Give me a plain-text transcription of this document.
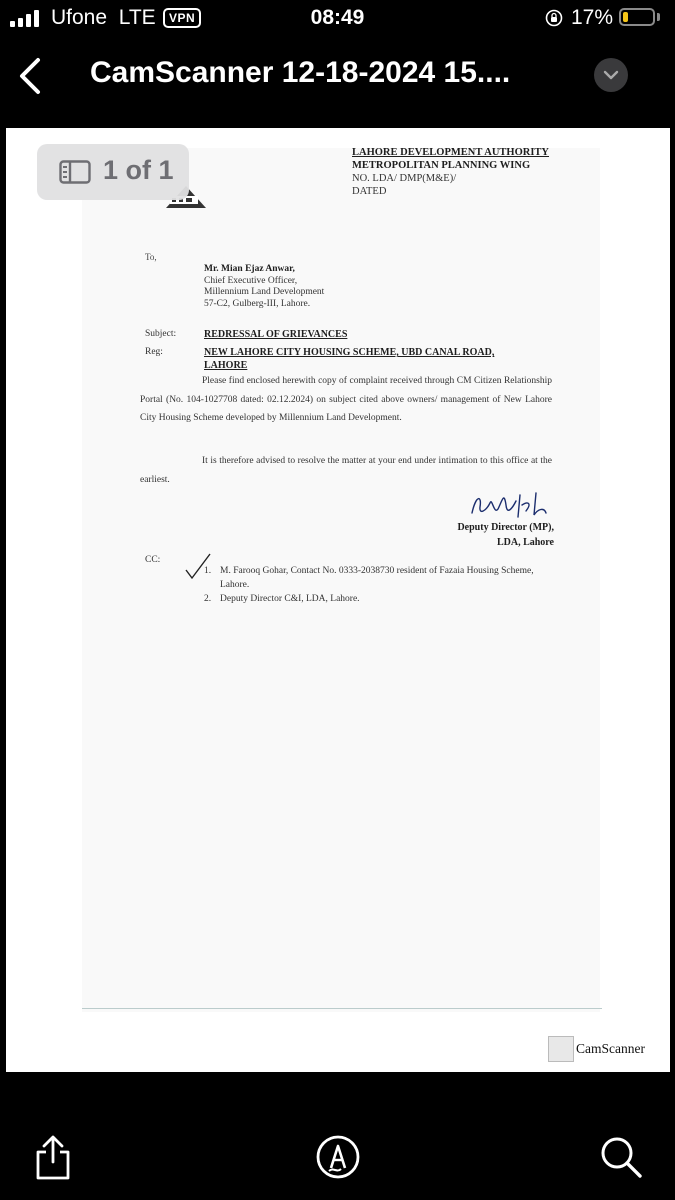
Ufone LTE	VPN	08:49	17%
CamScanner 12-18-2024 15....
LAHORE DEVELOPMENT AUTHORITY
METROPOLITAN PLANNING WING
NO. LDA/ DMP(M&E)/
DATED
To,
Mr. Mian Ejaz Anwar,
Chief Executive Officer,
Millennium Land Development
57-C2, Gulberg-III, Lahore.
Subject:	REDRESSAL OF GRIEVANCES
Reg:	NEW LAHORE CITY HOUSING SCHEME, UBD CANAL ROAD,
LAHORE
Please find enclosed herewith copy of complaint received through CM Citizen Relationship Portal (No. 104-1027708 dated: 02.12.2024) on subject cited above owners/ management of New Lahore City Housing Scheme developed by Millennium Land Development.
It is therefore advised to resolve the matter at your end under intimation to this office at the earliest.
Deputy Director (MP),
LDA, Lahore
CC:
1. M. Farooq Gohar, Contact No. 0333-2038730 resident of Fazaia Housing Scheme, Lahore.
2. Deputy Director C&I, LDA, Lahore.
CamScanner
1 of 1
